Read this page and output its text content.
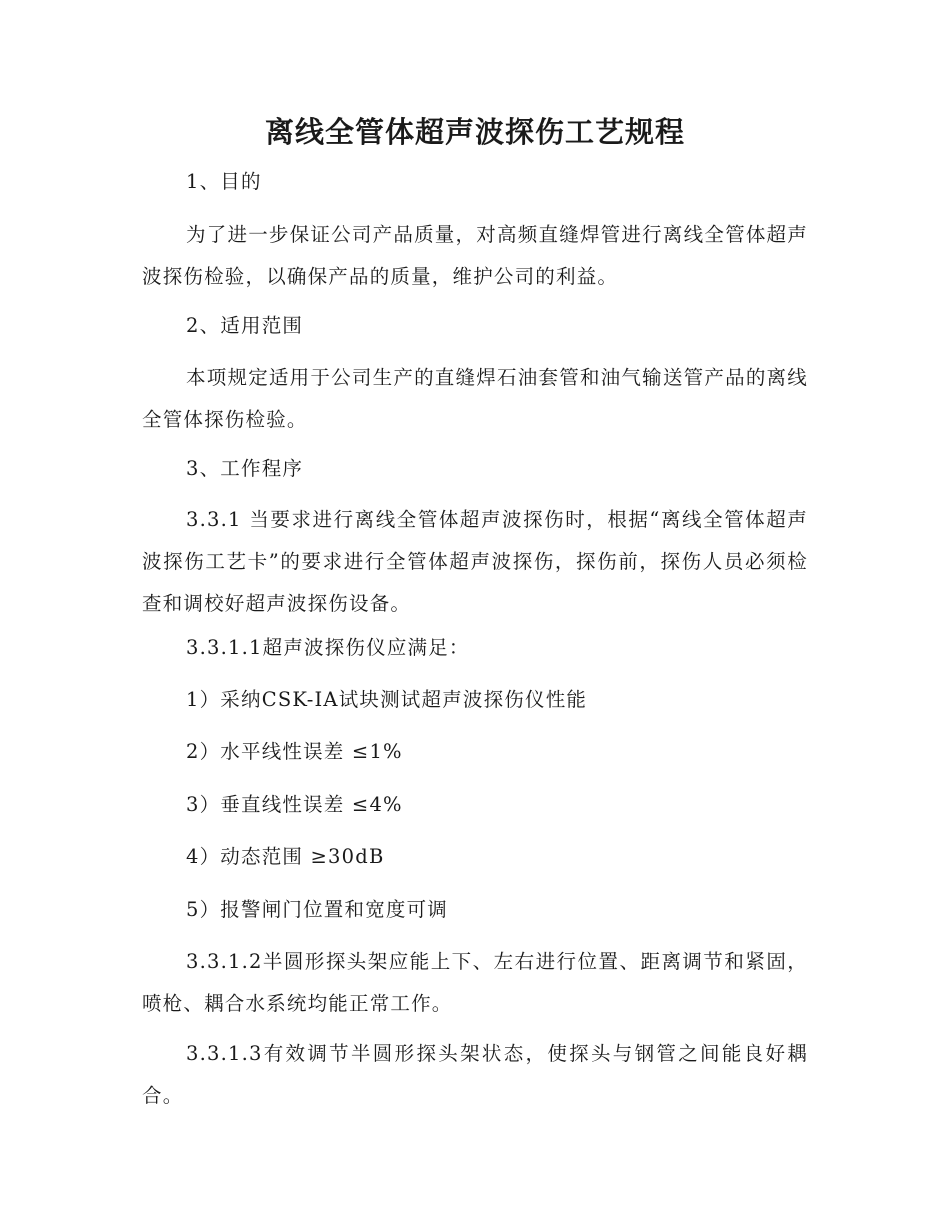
离线全管体超声波探伤工艺规程
1、目的
为了进一步保证公司产品质量，对高频直缝焊管进行离线全管体超声波探伤检验，以确保产品的质量，维护公司的利益。
2、适用范围
本项规定适用于公司生产的直缝焊石油套管和油气输送管产品的离线全管体探伤检验。
3、工作程序
3.3.1 当要求进行离线全管体超声波探伤时，根据“离线全管体超声波探伤工艺卡”的要求进行全管体超声波探伤，探伤前，探伤人员必须检查和调校好超声波探伤设备。
3.3.1.1超声波探伤仪应满足：
1）采纳CSK-ⅠA试块测试超声波探伤仪性能
2）水平线性误差 ≤1%
3）垂直线性误差 ≤4%
4）动态范围 ≥30dB
5）报警闸门位置和宽度可调
3.3.1.2半圆形探头架应能上下、左右进行位置、距离调节和紧固，喷枪、耦合水系统均能正常工作。
3.3.1.3有效调节半圆形探头架状态，使探头与钢管之间能良好耦合。
